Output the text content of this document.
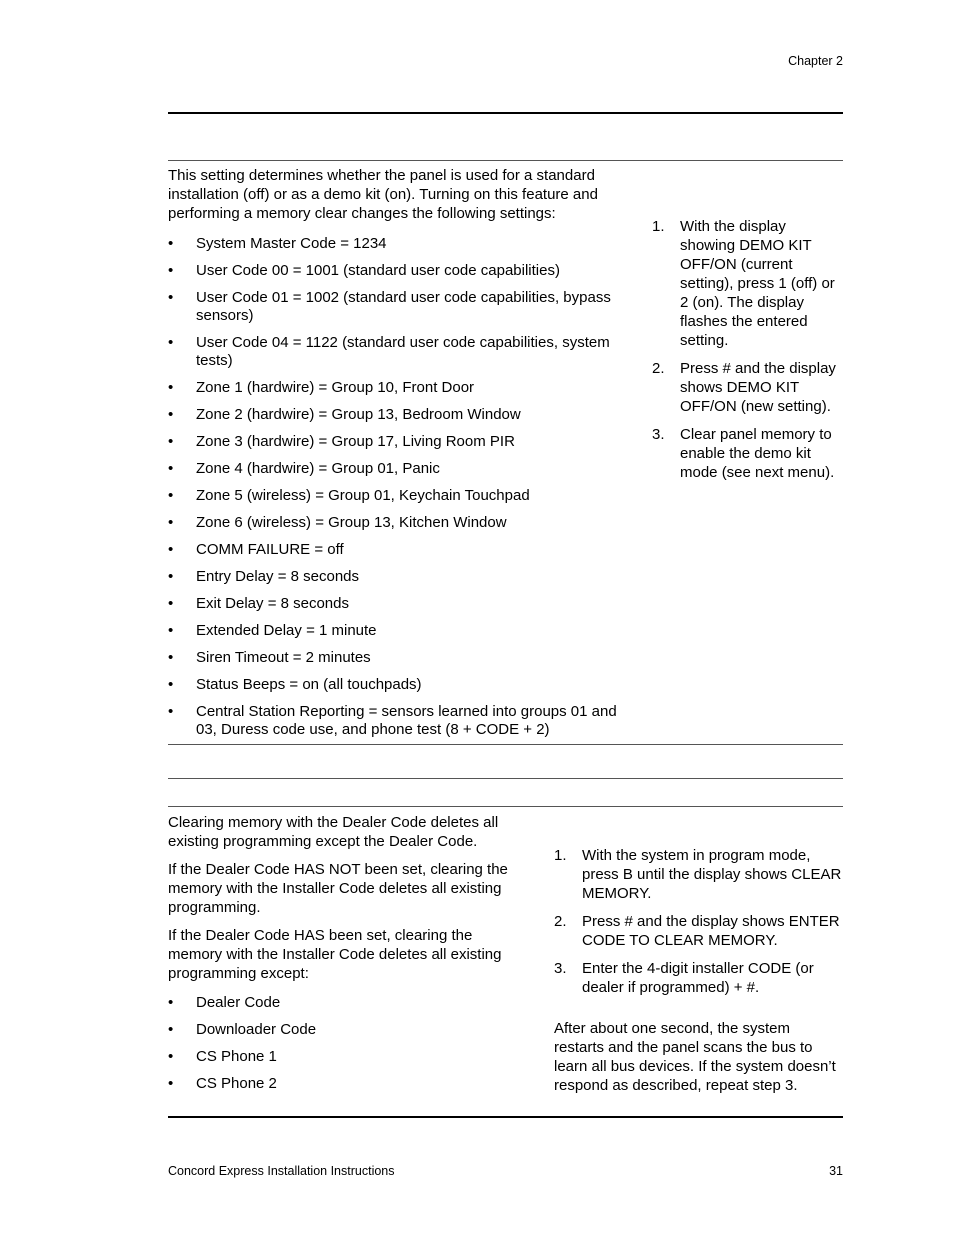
Chapter 2

This setting determines whether the panel is used for a standard installation (off) or as a demo kit (on). Turning on this feature and performing a memory clear changes the following settings:

• System Master Code = 1234
• User Code 00 = 1001 (standard user code capabilities)
• User Code 01 = 1002 (standard user code capabilities, bypass sensors)
• User Code 04 = 1122 (standard user code capabilities, system tests)
• Zone 1 (hardwire) = Group 10, Front Door
• Zone 2 (hardwire) = Group 13, Bedroom Window
• Zone 3 (hardwire) = Group 17, Living Room PIR
• Zone 4 (hardwire) = Group 01, Panic
• Zone 5 (wireless) = Group 01, Keychain Touchpad
• Zone 6 (wireless) = Group 13, Kitchen Window
• COMM FAILURE = off
• Entry Delay = 8 seconds
• Exit Delay = 8 seconds
• Extended Delay = 1 minute
• Siren Timeout = 2 minutes
• Status Beeps = on (all touchpads)
• Central Station Reporting = sensors learned into groups 01 and 03, Duress code use, and phone test (8 + CODE + 2)
1. With the display showing DEMO KIT OFF/ON (current setting), press 1 (off) or 2 (on). The display flashes the entered setting.
2. Press # and the display shows DEMO KIT OFF/ON (new setting).
3. Clear panel memory to enable the demo kit mode (see next menu).

Clearing memory with the Dealer Code deletes all existing programming except the Dealer Code.

If the Dealer Code HAS NOT been set, clearing the memory with the Installer Code deletes all existing programming.

If the Dealer Code HAS been set, clearing the memory with the Installer Code deletes all existing programming except:

• Dealer Code
• Downloader Code
• CS Phone 1
• CS Phone 2
1. With the system in program mode, press B until the display shows CLEAR MEMORY.
2. Press # and the display shows ENTER CODE TO CLEAR MEMORY.
3. Enter the 4-digit installer CODE (or dealer if programmed) + #.

After about one second, the system restarts and the panel scans the bus to learn all bus devices. If the system doesn’t respond as described, repeat step 3.

Concord Express Installation Instructions	31
